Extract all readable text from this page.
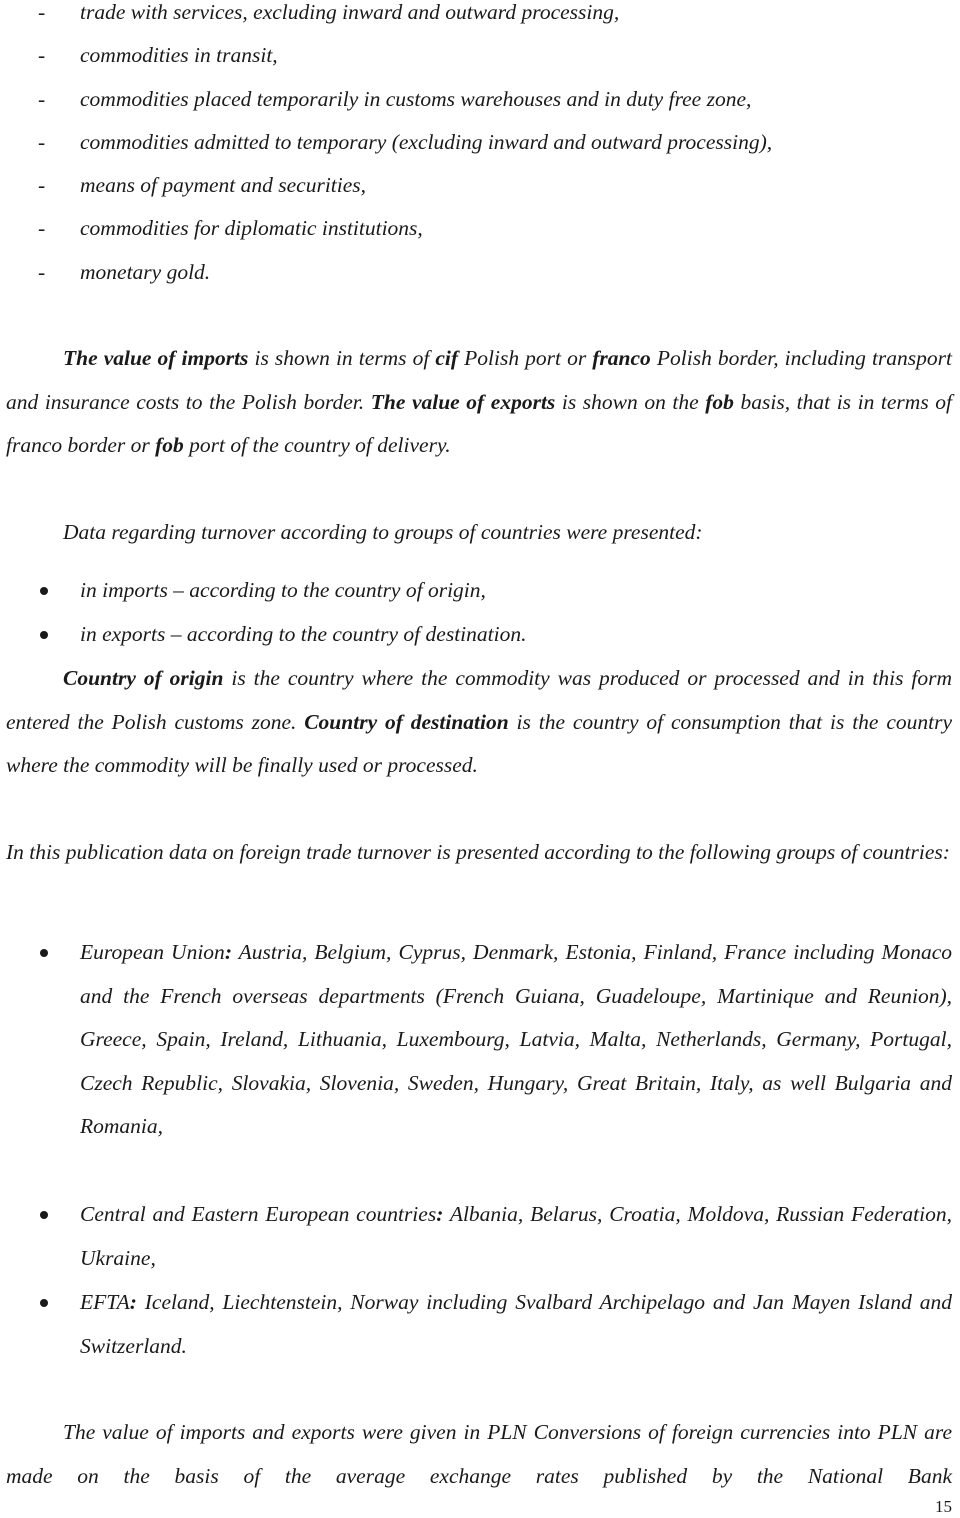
- trade with services, excluding inward and outward processing,
- commodities in transit,
- commodities placed temporarily in customs warehouses and in duty free zone,
- commodities admitted to temporary (excluding inward and outward processing),
- means of payment and securities,
- commodities for diplomatic institutions,
- monetary gold.
The value of imports is shown in terms of cif Polish port or franco Polish border, including transport and insurance costs to the Polish border. The value of exports is shown on the fob basis, that is in terms of franco border or fob port of the country of delivery.
Data regarding turnover according to groups of countries were presented:
in imports – according to the country of origin,
in exports – according to the country of destination.
Country of origin is the country where the commodity was produced or processed and in this form entered the Polish customs zone. Country of destination is the country of consumption that is the country where the commodity will be finally used or processed.
In this publication data on foreign trade turnover is presented according to the following groups of countries:
European Union: Austria, Belgium, Cyprus, Denmark, Estonia, Finland, France including Monaco and the French overseas departments (French Guiana, Guadeloupe, Martinique and Reunion), Greece, Spain, Ireland, Lithuania, Luxembourg, Latvia, Malta, Netherlands, Germany, Portugal, Czech Republic, Slovakia, Slovenia, Sweden, Hungary, Great Britain, Italy, as well Bulgaria and Romania,
Central and Eastern European countries: Albania, Belarus, Croatia, Moldova, Russian Federation, Ukraine,
EFTA: Iceland, Liechtenstein, Norway including Svalbard Archipelago and Jan Mayen Island and Switzerland.
The value of imports and exports were given in PLN Conversions of foreign currencies into PLN are made on the basis of the average exchange rates published by the National Bank
15
